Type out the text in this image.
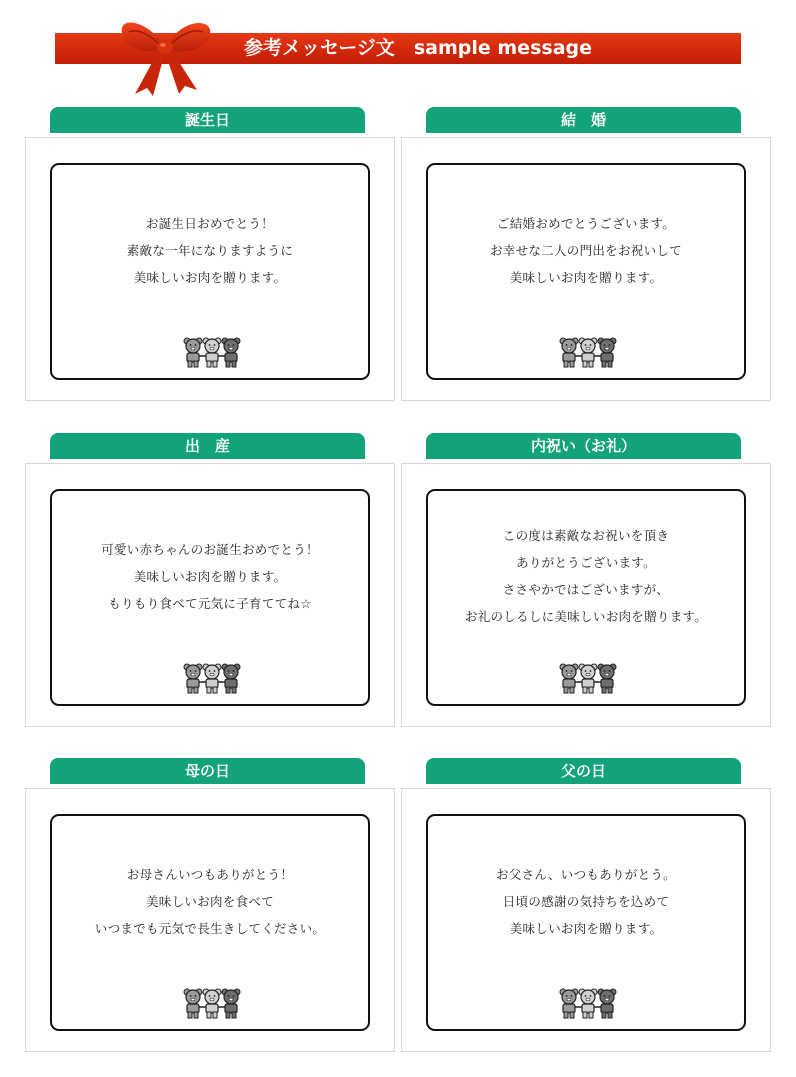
参考メッセージ文　sample message
誕生日
お誕生日おめでとう！
素敵な一年になりますように
美味しいお肉を贈ります。
結　婚
ご結婚おめでとうございます。
お幸せな二人の門出をお祝いして
美味しいお肉を贈ります。
出　産
可愛い赤ちゃんのお誕生おめでとう！
美味しいお肉を贈ります。
もりもり食べて元気に子育ててね☆
内祝い（お礼）
この度は素敵なお祝いを頂き
ありがとうございます。
ささやかではございますが、
お礼のしるしに美味しいお肉を贈ります。
母の日
お母さんいつもありがとう！
美味しいお肉を食べて
いつまでも元気で長生きしてください。
父の日
お父さん、いつもありがとう。
日頃の感謝の気持ちを込めて
美味しいお肉を贈ります。
